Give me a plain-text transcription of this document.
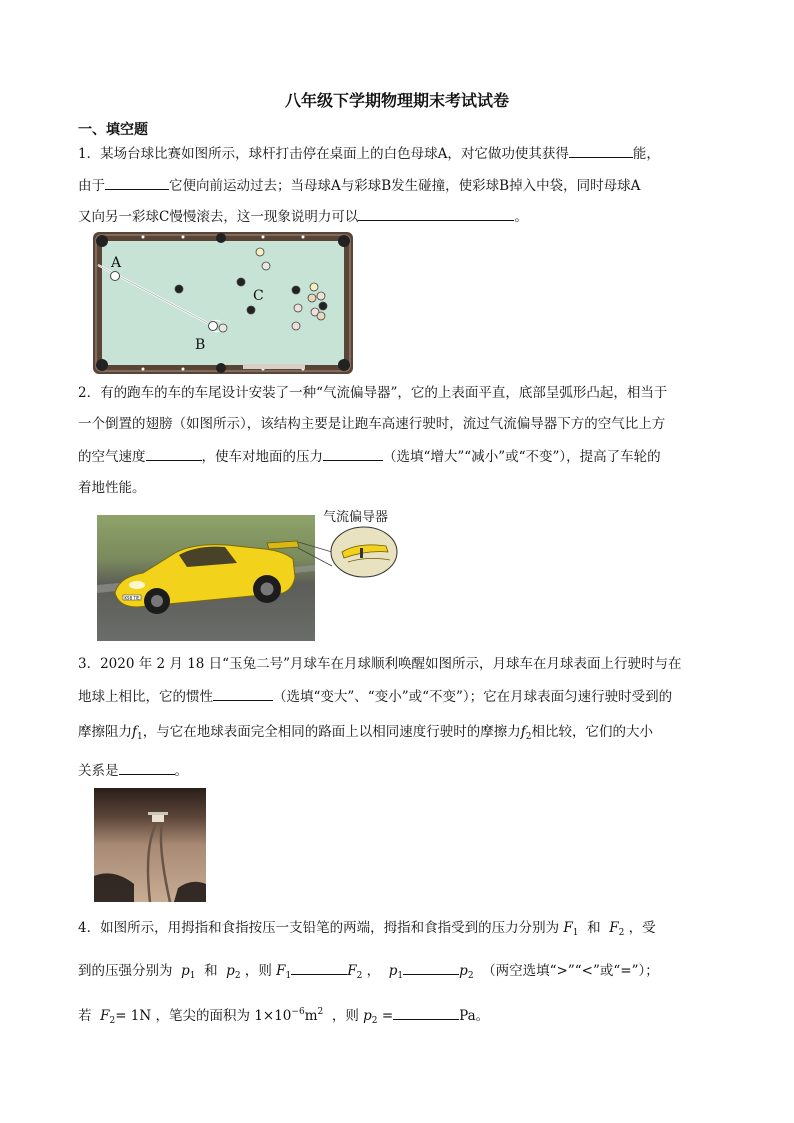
八年级下学期物理期末考试试卷
一、填空题
1．某场台球比赛如图所示，球杆打击停在桌面上的白色母球A，对它做功使其获得	能，
由于	它便向前运动过去；当母球A与彩球B发生碰撞，使彩球B掉入中袋，同时母球A
又向另一彩球C慢慢滚去，这一现象说明力可以	。
A
B
C
2．有的跑车的车的车尾设计安装了一种“气流偏导器”，它的上表面平直，底部呈弧形凸起，相当于
一个倒置的翅膀（如图所示），该结构主要是让跑车高速行驶时，流过气流偏导器下方的空气比上方
的空气速度	，使车对地面的压力	（选填“增大”“减小”或“不变”），提高了车轮的
着地性能。
K98 TIE
气流偏导器
3．2020 年 2 月 18 日“玉兔二号”月球车在月球顺利唤醒如图所示，月球车在月球表面上行驶时与在
地球上相比，它的惯性	（选填“变大”、“变小”或“不变”）；它在月球表面匀速行驶时受到的
摩擦阻力$f_1$，与它在地球表面完全相同的路面上以相同速度行驶时的摩擦力$f_2$相比较，它们的大小
关系是	。
4．如图所示，用拇指和食指按压一支铅笔的两端，拇指和食指受到的压力分别为 $F_1$ 和 $F_2$ ，受
到的压强分别为 $p_1$ 和 $p_2$ ，则 $F_1$	$F_2$ ， $p_1$	$p_2$ （两空选填“>”“<”或“=”）；
若 $F_2= 1N$ ，笔尖的面积为 $1\times 10^{-6}m^2$ ，则 $p_2$ =	Pa。
